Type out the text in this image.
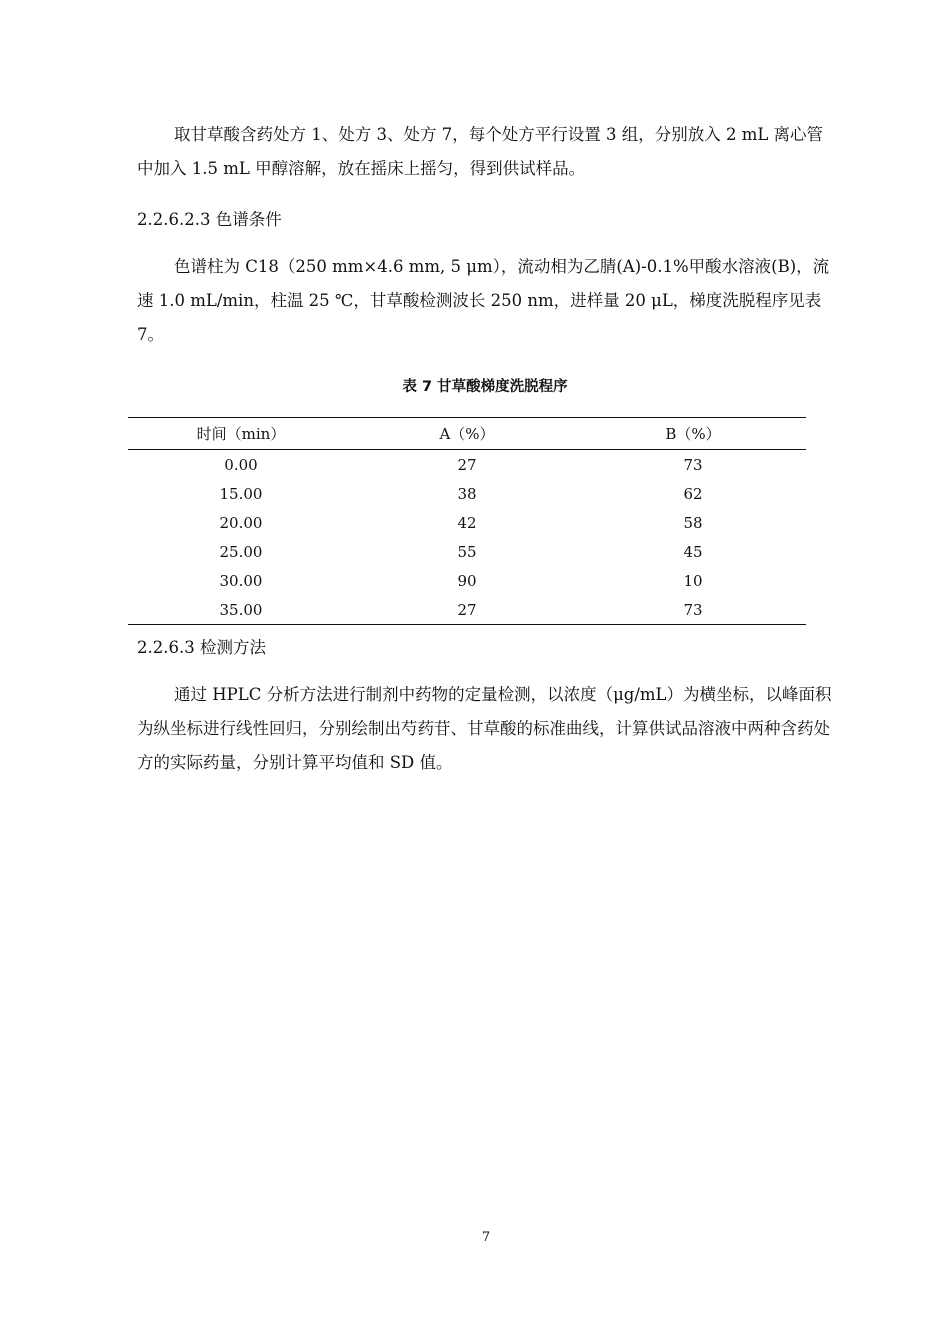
取甘草酸含药处方 1、处方 3、处方 7，每个处方平行设置 3 组，分别放入 2 mL 离心管中加入 1.5 mL 甲醇溶解，放在摇床上摇匀，得到供试样品。

2.2.6.2.3 色谱条件

色谱柱为 C18（250 mm×4.6 mm, 5 μm），流动相为乙腈(A)-0.1%甲酸水溶液(B)，流速 1.0 mL/min，柱温 25 ℃，甘草酸检测波长 250 nm，进样量 20 μL，梯度洗脱程序见表 7。

表 7 甘草酸梯度洗脱程序

时间（min）	A（%）	B（%）
0.00	27	73
15.00	38	62
20.00	42	58
25.00	55	45
30.00	90	10
35.00	27	73

2.2.6.3 检测方法

通过 HPLC 分析方法进行制剂中药物的定量检测，以浓度（μg/mL）为横坐标，以峰面积为纵坐标进行线性回归，分别绘制出芍药苷、甘草酸的标准曲线，计算供试品溶液中两种含药处方的实际药量，分别计算平均值和 SD 值。

7
